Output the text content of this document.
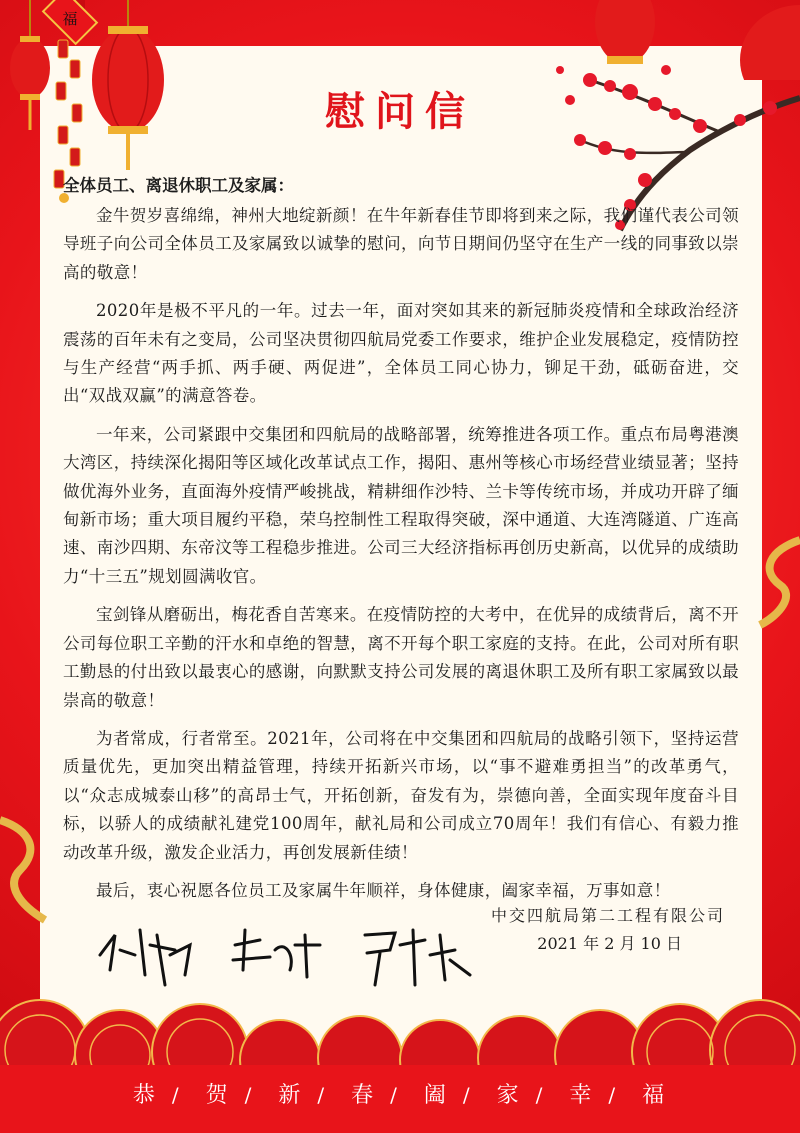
福
慰问信
全体员工、离退休职工及家属：

金牛贺岁喜绵绵，神州大地绽新颜！在牛年新春佳节即将到来之际，我们谨代表公司领导班子向公司全体员工及家属致以诚挚的慰问，向节日期间仍坚守在生产一线的同事致以崇高的敬意！

2020年是极不平凡的一年。过去一年，面对突如其来的新冠肺炎疫情和全球政治经济震荡的百年未有之变局，公司坚决贯彻四航局党委工作要求，维护企业发展稳定，疫情防控与生产经营“两手抓、两手硬、两促进”，全体员工同心协力，铆足干劲，砥砺奋进，交出“双战双赢”的满意答卷。

一年来，公司紧跟中交集团和四航局的战略部署，统筹推进各项工作。重点布局粤港澳大湾区，持续深化揭阳等区域化改革试点工作，揭阳、惠州等核心市场经营业绩显著；坚持做优海外业务，直面海外疫情严峻挑战，精耕细作沙特、兰卡等传统市场，并成功开辟了缅甸新市场；重大项目履约平稳，荣乌控制性工程取得突破，深中通道、大连湾隧道、广连高速、南沙四期、东帝汶等工程稳步推进。公司三大经济指标再创历史新高，以优异的成绩助力“十三五”规划圆满收官。

宝剑锋从磨砺出，梅花香自苦寒来。在疫情防控的大考中，在优异的成绩背后，离不开公司每位职工辛勤的汗水和卓绝的智慧，离不开每个职工家庭的支持。在此，公司对所有职工勤恳的付出致以最衷心的感谢，向默默支持公司发展的离退休职工及所有职工家属致以最崇高的敬意！

为者常成，行者常至。2021年，公司将在中交集团和四航局的战略引领下，坚持运营质量优先，更加突出精益管理，持续开拓新兴市场，以“事不避难勇担当”的改革勇气，以“众志成城泰山移”的高昂士气，开拓创新，奋发有为，崇德向善，全面实现年度奋斗目标，以骄人的成绩献礼建党100周年，献礼局和公司成立70周年！我们有信心、有毅力推动改革升级，激发企业活力，再创发展新佳绩！

最后，衷心祝愿各位员工及家属牛年顺祥，身体健康，阖家幸福，万事如意！

中交四航局第二工程有限公司
2021 年 2 月 10 日
恭 / 贺 / 新 / 春 / 阖 / 家 / 幸 / 福
